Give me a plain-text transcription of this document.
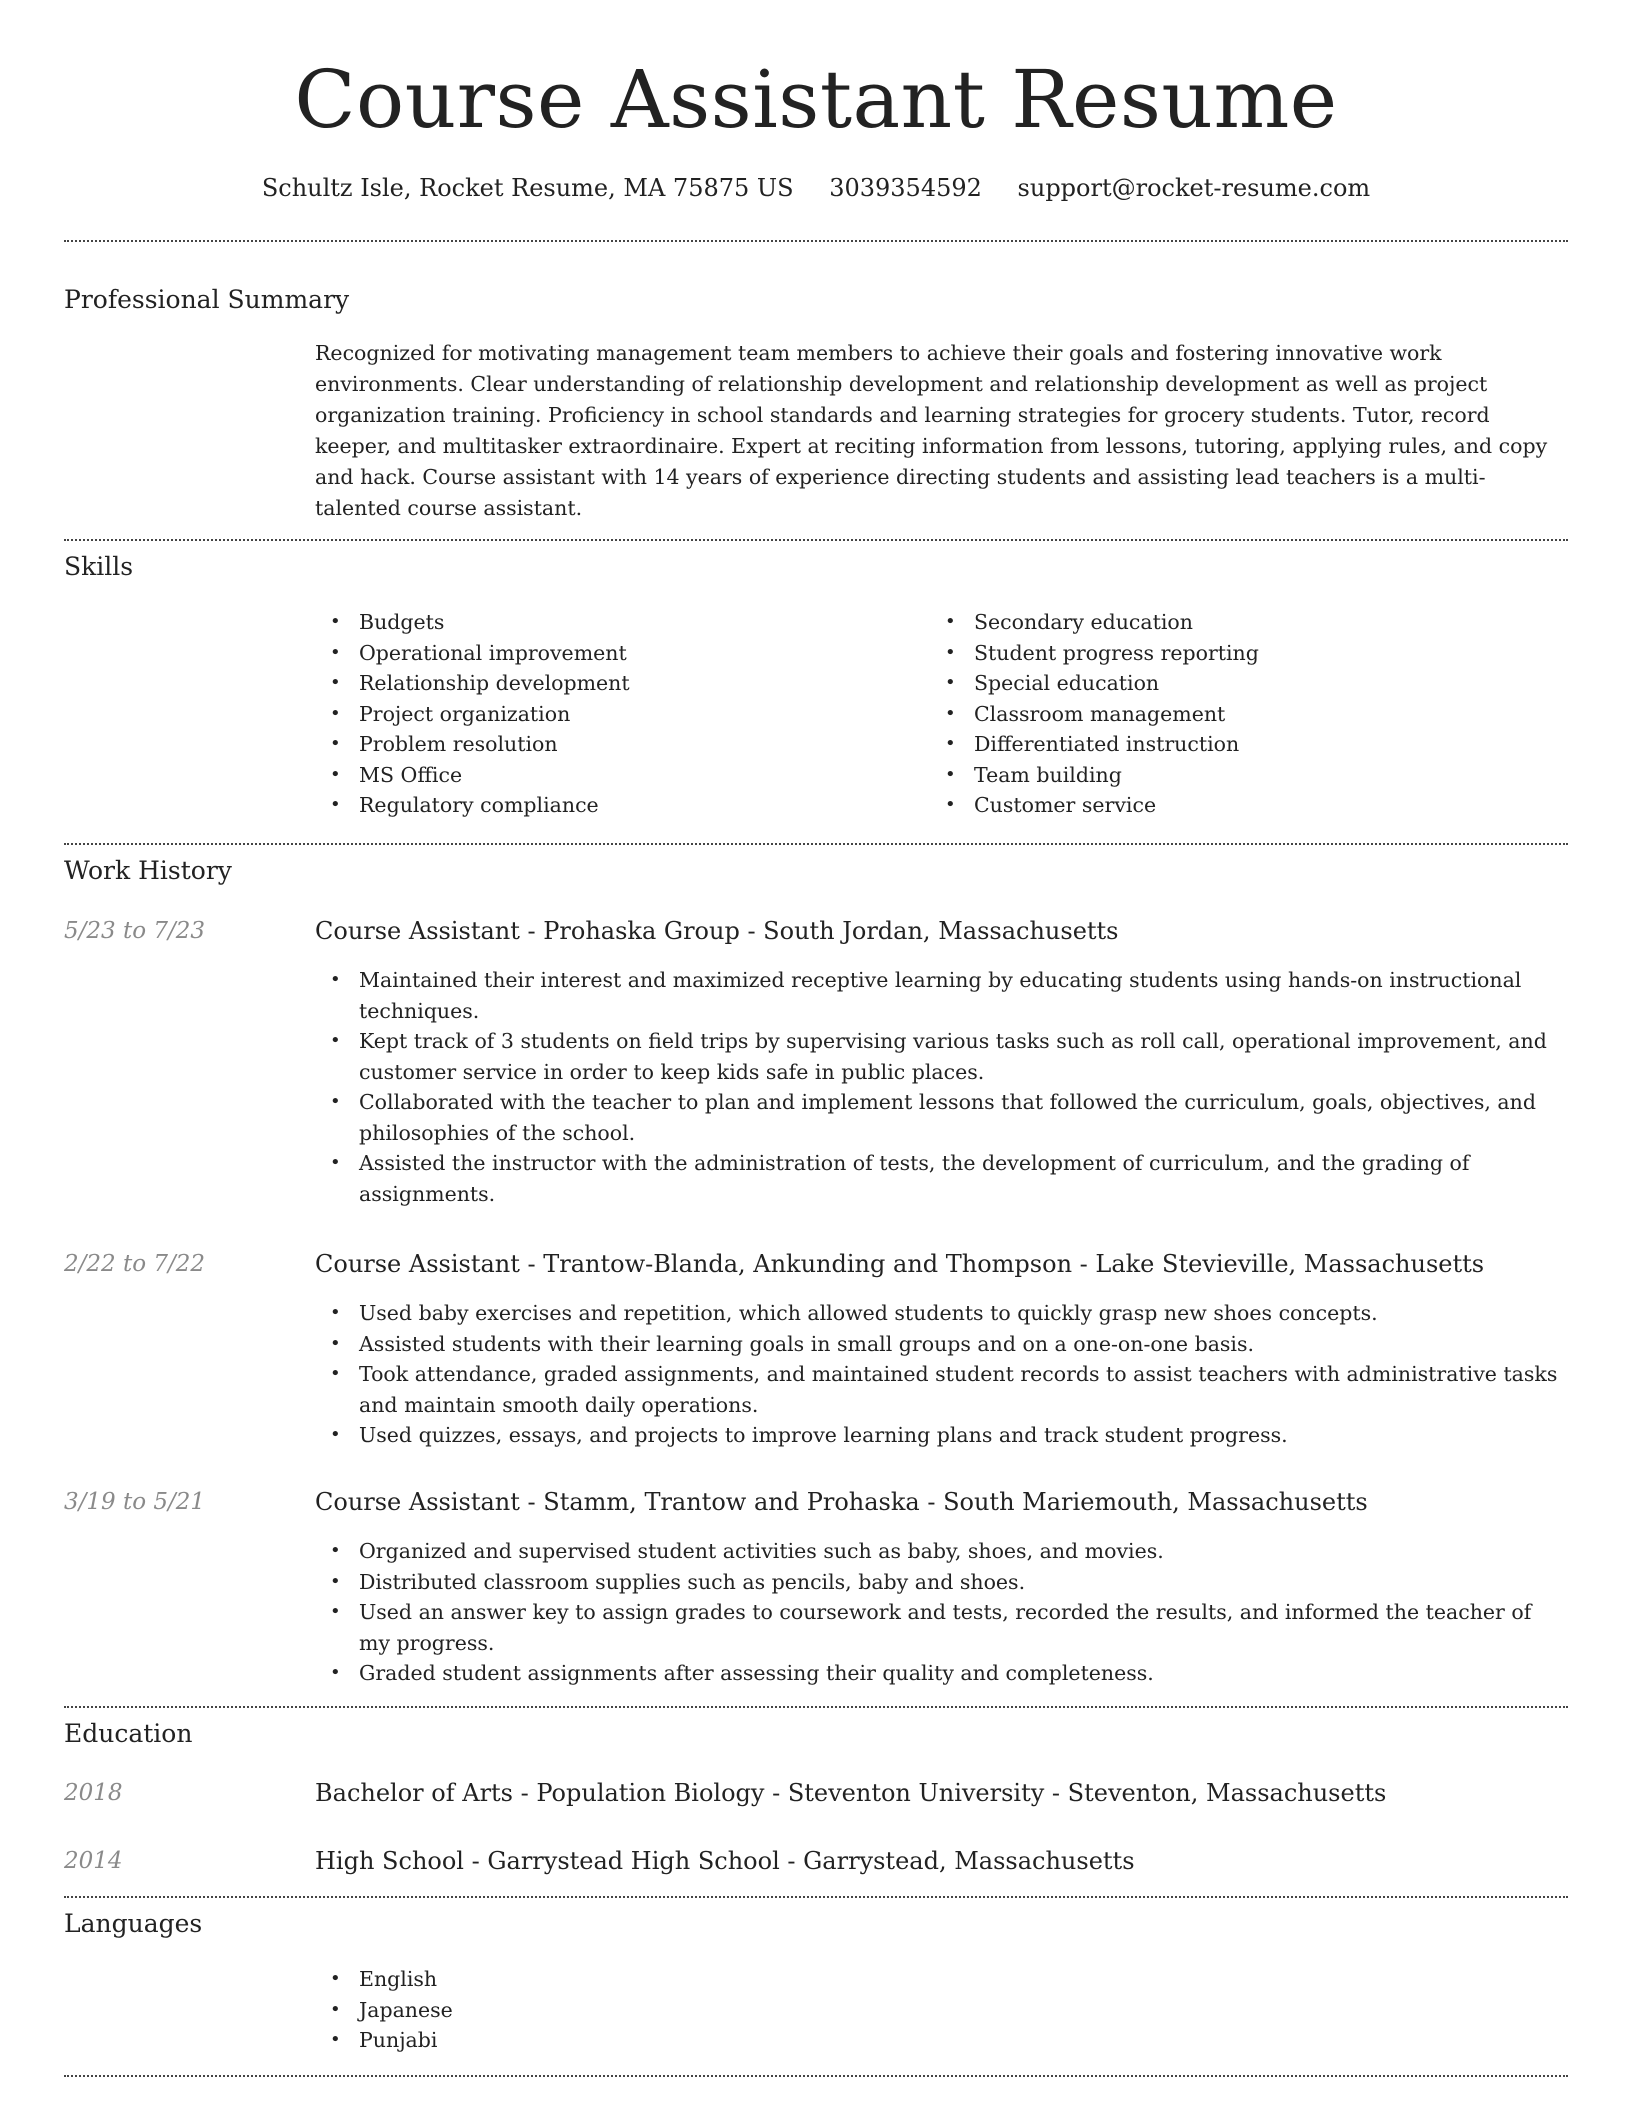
Course Assistant Resume
Schultz Isle, Rocket Resume, MA 75875 US 3039354592 support@rocket-resume.com
Professional Summary

Recognized for motivating management team members to achieve their goals and fostering innovative work environments. Clear understanding of relationship development and relationship development as well as project organization training. Proficiency in school standards and learning strategies for grocery students. Tutor, record keeper, and multitasker extraordinaire. Expert at reciting information from lessons, tutoring, applying rules, and copy and hack. Course assistant with 14 years of experience directing students and assisting lead teachers is a multi-talented course assistant.

Skills
• Budgets
• Operational improvement
• Relationship development
• Project organization
• Problem resolution
• MS Office
• Regulatory compliance
• Secondary education
• Student progress reporting
• Special education
• Classroom management
• Differentiated instruction
• Team building
• Customer service
Work History
5/23 to 7/23	Course Assistant - Prohaska Group - South Jordan, Massachusetts
• Maintained their interest and maximized receptive learning by educating students using hands-on instructional techniques.
• Kept track of 3 students on field trips by supervising various tasks such as roll call, operational improvement, and customer service in order to keep kids safe in public places.
• Collaborated with the teacher to plan and implement lessons that followed the curriculum, goals, objectives, and philosophies of the school.
• Assisted the instructor with the administration of tests, the development of curriculum, and the grading of assignments.
2/22 to 7/22	Course Assistant - Trantow-Blanda, Ankunding and Thompson - Lake Stevieville, Massachusetts
• Used baby exercises and repetition, which allowed students to quickly grasp new shoes concepts.
• Assisted students with their learning goals in small groups and on a one-on-one basis.
• Took attendance, graded assignments, and maintained student records to assist teachers with administrative tasks and maintain smooth daily operations.
• Used quizzes, essays, and projects to improve learning plans and track student progress.
3/19 to 5/21	Course Assistant - Stamm, Trantow and Prohaska - South Mariemouth, Massachusetts
• Organized and supervised student activities such as baby, shoes, and movies.
• Distributed classroom supplies such as pencils, baby and shoes.
• Used an answer key to assign grades to coursework and tests, recorded the results, and informed the teacher of my progress.
• Graded student assignments after assessing their quality and completeness.
Education
2018	Bachelor of Arts - Population Biology - Steventon University - Steventon, Massachusetts
2014	High School - Garrystead High School - Garrystead, Massachusetts
Languages
• English
• Japanese
• Punjabi
